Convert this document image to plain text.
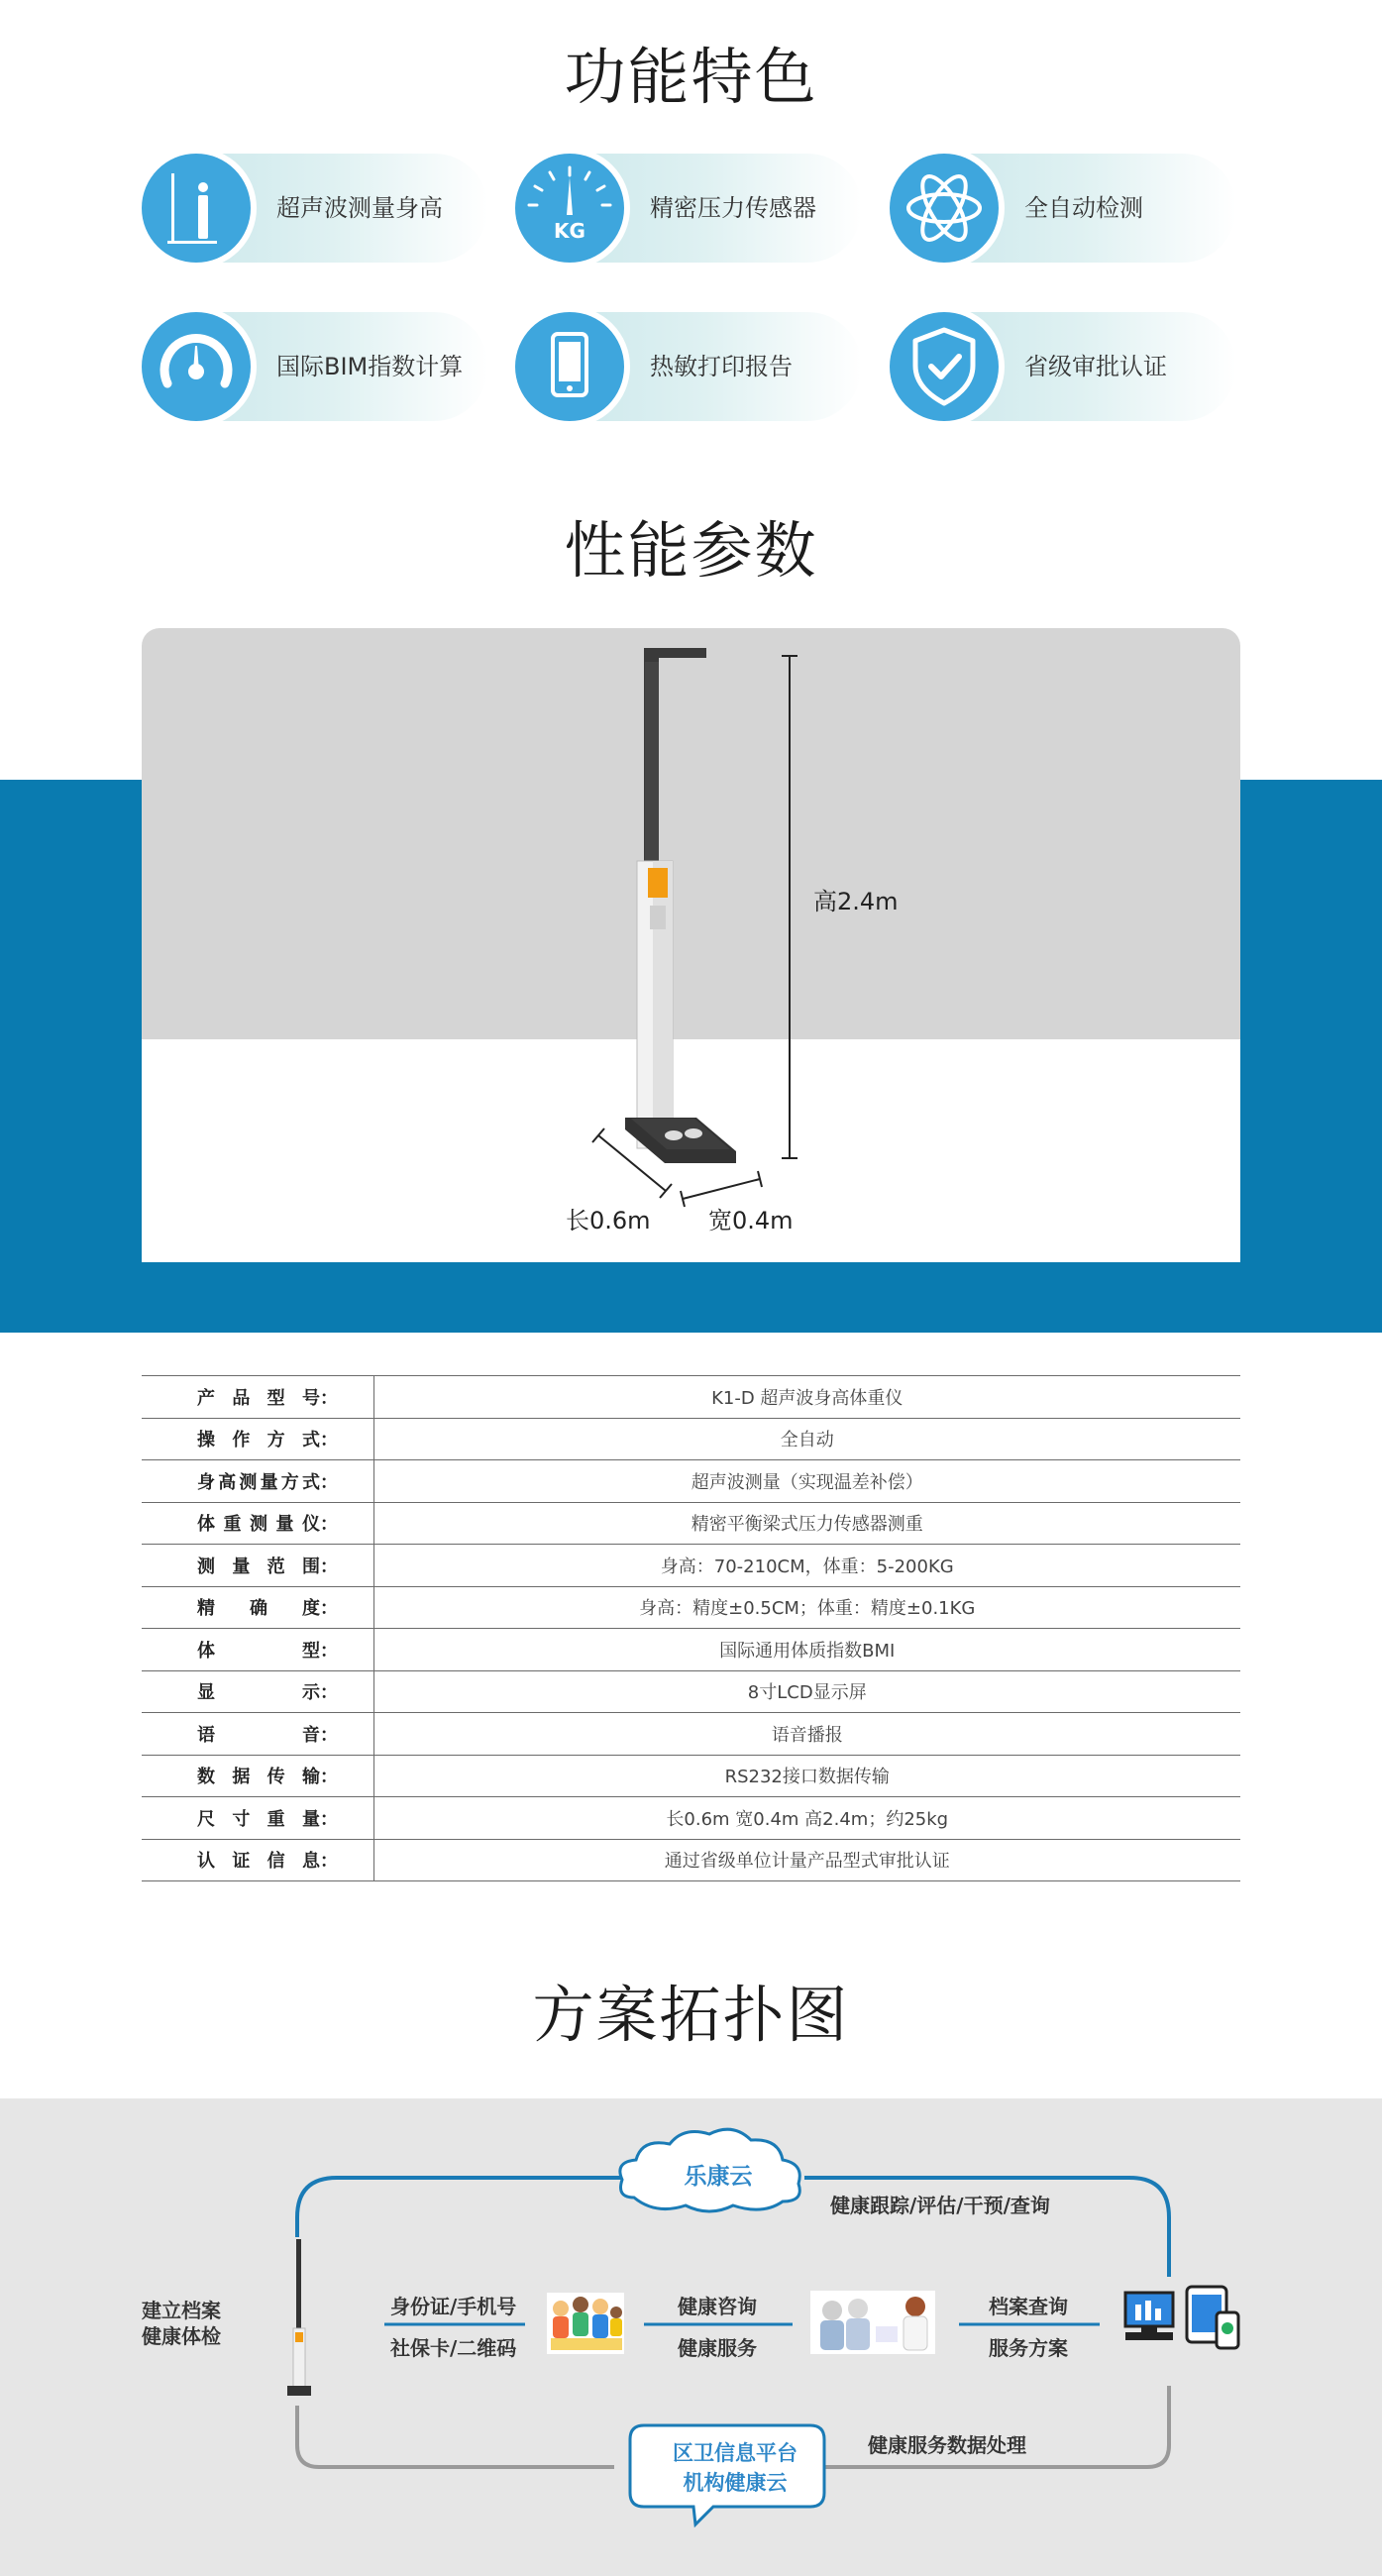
功能特色
超声波测量身高
KG
精密压力传感器	全自动检测
国际BIM指数计算	热敏打印报告	省级审批认证
性能参数
高2.4m
长0.6m 宽0.4m
产品型号：	K1-D 超声波身高体重仪
操作方式：	全自动
身高测量方式：	超声波测量（实现温差补偿）
体重测量仪：	精密平衡梁式压力传感器测重
测量范围：	身高：70-210CM，体重：5-200KG
精确度：	身高：精度±0.5CM；体重：精度±0.1KG
体型：	国际通用体质指数BMI
显示：	8寸LCD显示屏
语音：	语音播报
数据传输：	RS232接口数据传输
尺寸重量：	长0.6m 宽0.4m 高2.4m；约25kg
认证信息：	通过省级单位计量产品型式审批认证
方案拓扑图
乐康云
健康跟踪/评估/干预/查询
建立档案
健康体检
身份证/手机号
社保卡/二维码
健康咨询
健康服务
档案查询
服务方案
区卫信息平台
机构健康云
健康服务数据处理
